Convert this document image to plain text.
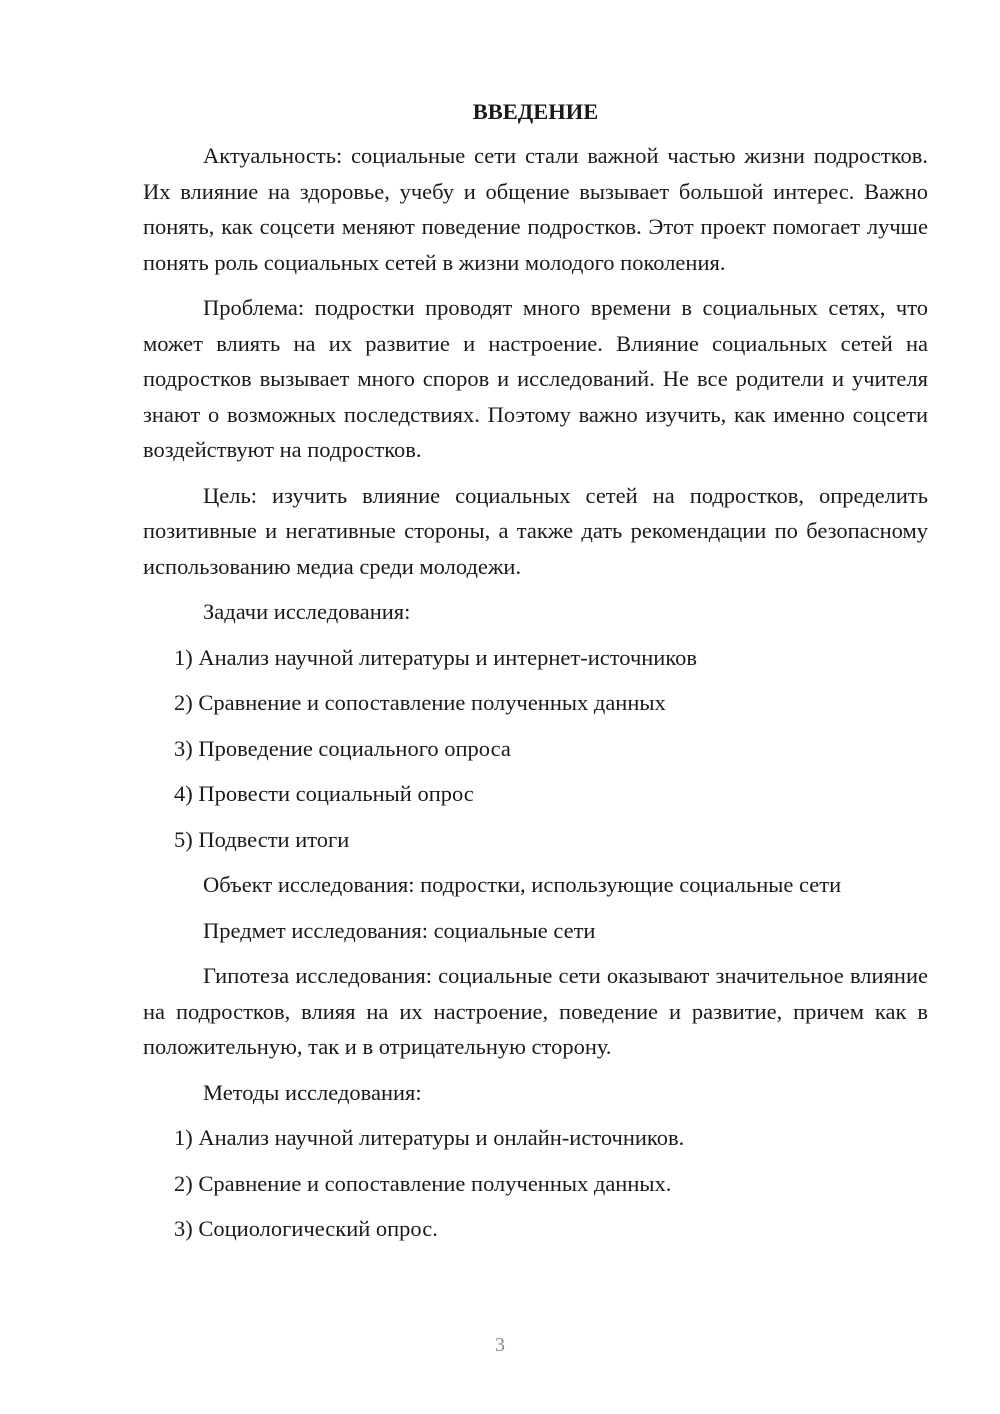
ВВЕДЕНИЕ
Актуальность: социальные сети стали важной частью жизни подростков. Их влияние на здоровье, учебу и общение вызывает большой интерес. Важно понять, как соцсети меняют поведение подростков. Этот проект помогает лучше понять роль социальных сетей в жизни молодого поколения.
Проблема: подростки проводят много времени в социальных сетях, что может влиять на их развитие и настроение. Влияние социальных сетей на подростков вызывает много споров и исследований. Не все родители и учителя знают о возможных последствиях. Поэтому важно изучить, как именно соцсети воздействуют на подростков.
Цель: изучить влияние социальных сетей на подростков, определить позитивные и негативные стороны, а также дать рекомендации по безопасному использованию медиа среди молодежи.
Задачи исследования:
1) Анализ научной литературы и интернет-источников
2) Сравнение и сопоставление полученных данных
3) Проведение социального опроса
4) Провести социальный опрос
5) Подвести итоги
Объект исследования: подростки, использующие социальные сети
Предмет исследования: социальные сети
Гипотеза исследования: социальные сети оказывают значительное влияние на подростков, влияя на их настроение, поведение и развитие, причем как в положительную, так и в отрицательную сторону.
Методы исследования:
1) Анализ научной литературы и онлайн-источников.
2) Сравнение и сопоставление полученных данных.
3) Социологический опрос.
3
